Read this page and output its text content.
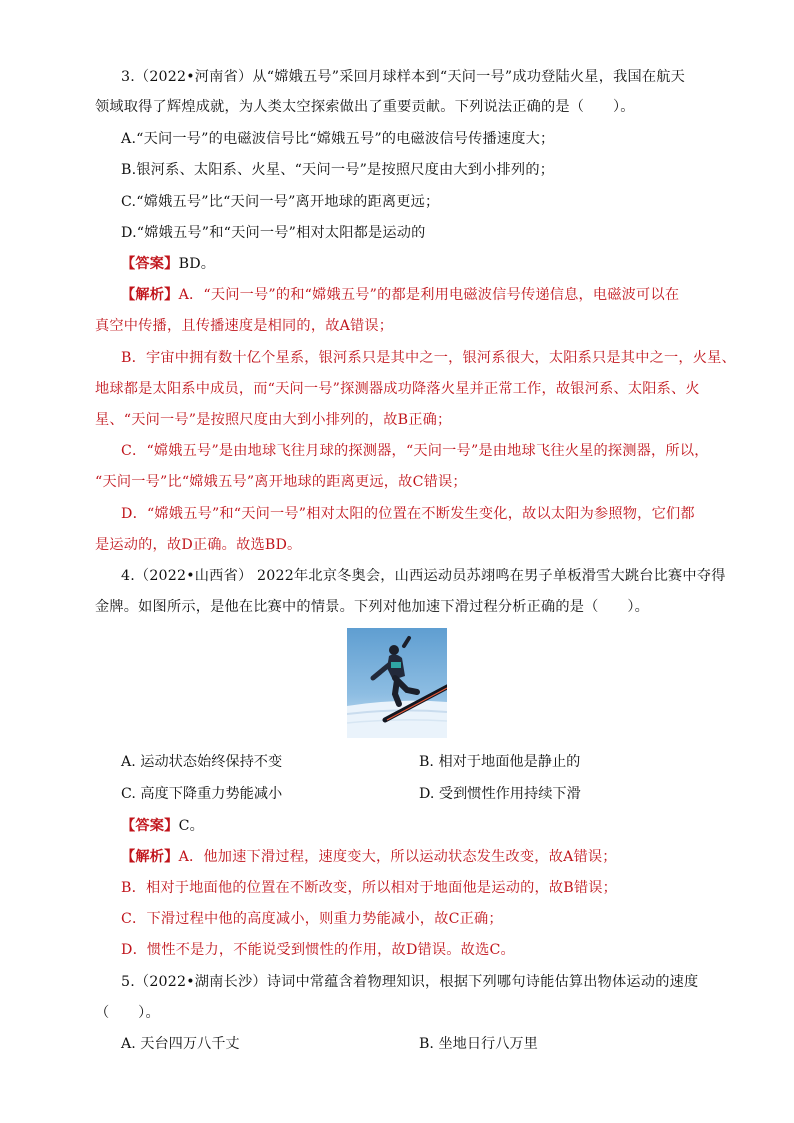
3.（2022•河南省）从“嫦娥五号”采回月球样本到“天问一号”成功登陆火星，我国在航天
领域取得了辉煌成就，为人类太空探索做出了重要贡献。下列说法正确的是（　　）。
A.“天问一号”的电磁波信号比“嫦娥五号”的电磁波信号传播速度大；
B.银河系、太阳系、火星、“天问一号”是按照尺度由大到小排列的；
C.“嫦娥五号”比“天问一号”离开地球的距离更远；
D.“嫦娥五号”和“天问一号”相对太阳都是运动的
【答案】BD。
【解析】A．“天问一号”的和“嫦娥五号”的都是利用电磁波信号传递信息，电磁波可以在
真空中传播，且传播速度是相同的，故A错误；
B．宇宙中拥有数十亿个星系，银河系只是其中之一，银河系很大，太阳系只是其中之一，火星、
地球都是太阳系中成员，而“天问一号”探测器成功降落火星并正常工作，故银河系、太阳系、火
星、“天问一号”是按照尺度由大到小排列的，故B正确；
C．“嫦娥五号”是由地球飞往月球的探测器，“天问一号”是由地球飞往火星的探测器，所以，
“天问一号”比“嫦娥五号”离开地球的距离更远，故C错误；
D．“嫦娥五号”和“天问一号”相对太阳的位置在不断发生变化，故以太阳为参照物，它们都
是运动的，故D正确。故选BD。
4.（2022•山西省） 2022年北京冬奥会，山西运动员苏翊鸣在男子单板滑雪大跳台比赛中夺得
金牌。如图所示，是他在比赛中的情景。下列对他加速下滑过程分析正确的是（　　）。
A. 运动状态始终保持不变	B. 相对于地面他是静止的
C. 高度下降重力势能减小	D. 受到惯性作用持续下滑
【答案】C。
【解析】A．他加速下滑过程，速度变大，所以运动状态发生改变，故A错误；
B．相对于地面他的位置在不断改变，所以相对于地面他是运动的，故B错误；
C．下滑过程中他的高度减小，则重力势能减小，故C正确；
D．惯性不是力，不能说受到惯性的作用，故D错误。故选C。
5.（2022•湖南长沙）诗词中常蕴含着物理知识，根据下列哪句诗能估算出物体运动的速度
（　　）。
A. 天台四万八千丈	B. 坐地日行八万里
